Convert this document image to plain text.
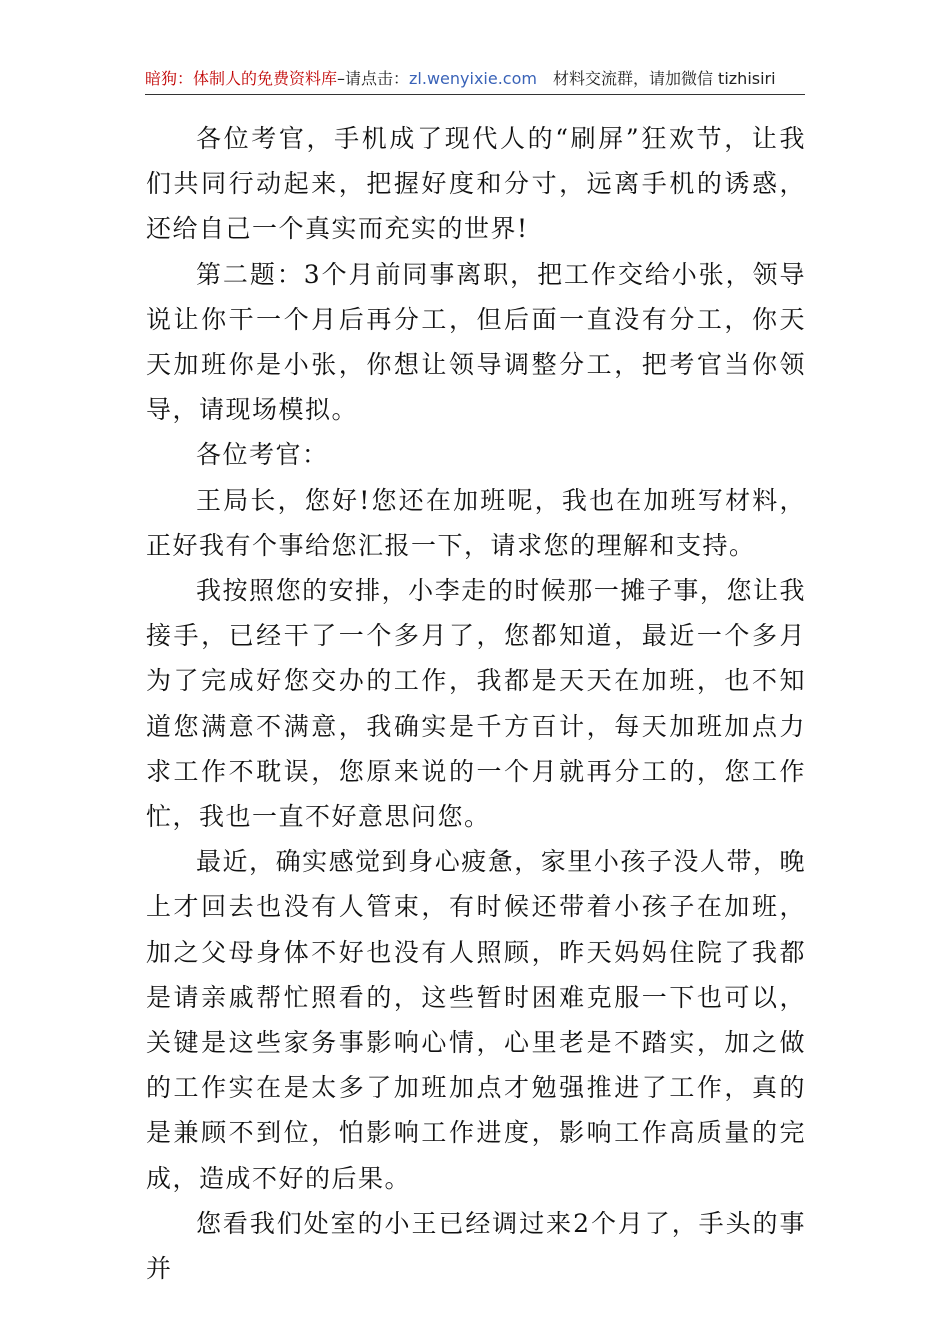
暗狗：体制人的免费资料库–请点击：zl.wenyixie.com 材料交流群，请加微信 tizhisiri

各位考官，手机成了现代人的“刷屏”狂欢节，让我们共同行动起来，把握好度和分寸，远离手机的诱惑，还给自己一个真实而充实的世界!

第二题：3个月前同事离职，把工作交给小张，领导说让你干一个月后再分工，但后面一直没有分工，你天天加班你是小张，你想让领导调整分工，把考官当你领导，请现场模拟。

各位考官：

王局长，您好!您还在加班呢，我也在加班写材料，正好我有个事给您汇报一下，请求您的理解和支持。

我按照您的安排，小李走的时候那一摊子事，您让我接手，已经干了一个多月了，您都知道，最近一个多月为了完成好您交办的工作，我都是天天在加班，也不知道您满意不满意，我确实是千方百计，每天加班加点力求工作不耽误，您原来说的一个月就再分工的，您工作忙，我也一直不好意思问您。

最近，确实感觉到身心疲惫，家里小孩子没人带，晚上才回去也没有人管束，有时候还带着小孩子在加班，加之父母身体不好也没有人照顾，昨天妈妈住院了我都是请亲戚帮忙照看的，这些暂时困难克服一下也可以，关键是这些家务事影响心情，心里老是不踏实，加之做的工作实在是太多了加班加点才勉强推进了工作，真的是兼顾不到位，怕影响工作进度，影响工作高质量的完成，造成不好的后果。

您看我们处室的小王已经调过来2个月了，手头的事并
